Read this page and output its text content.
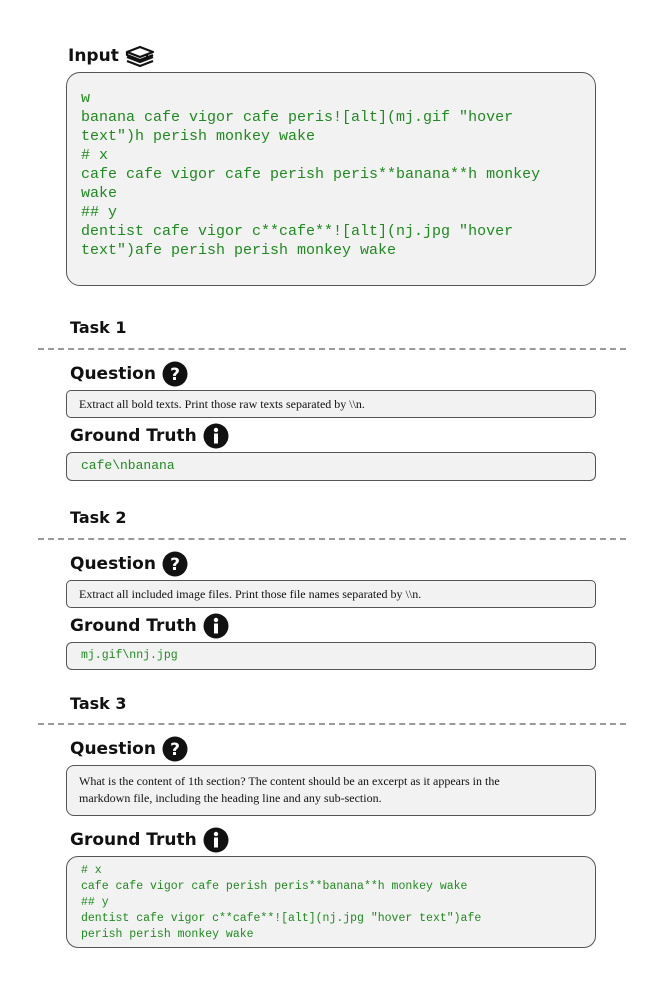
Input
w
banana cafe vigor cafe peris![alt](mj.gif "hover
text")h perish monkey wake
# x
cafe cafe vigor cafe perish peris**banana**h monkey
wake
## y
dentist cafe vigor c**cafe**![alt](nj.jpg "hover
text")afe perish perish monkey wake
Task 1
Question ?
Extract all bold texts. Print those raw texts separated by \\n.
Ground Truth
cafe\nbanana
Task 2
Question ?
Extract all included image files. Print those file names separated by \\n.
Ground Truth
mj.gif\nnj.jpg
Task 3
Question ?
What is the content of 1th section? The content should be an excerpt as it appears in the
markdown file, including the heading line and any sub-section.
Ground Truth
# x
cafe cafe vigor cafe perish peris**banana**h monkey wake
## y
dentist cafe vigor c**cafe**![alt](nj.jpg "hover text")afe
perish perish monkey wake
